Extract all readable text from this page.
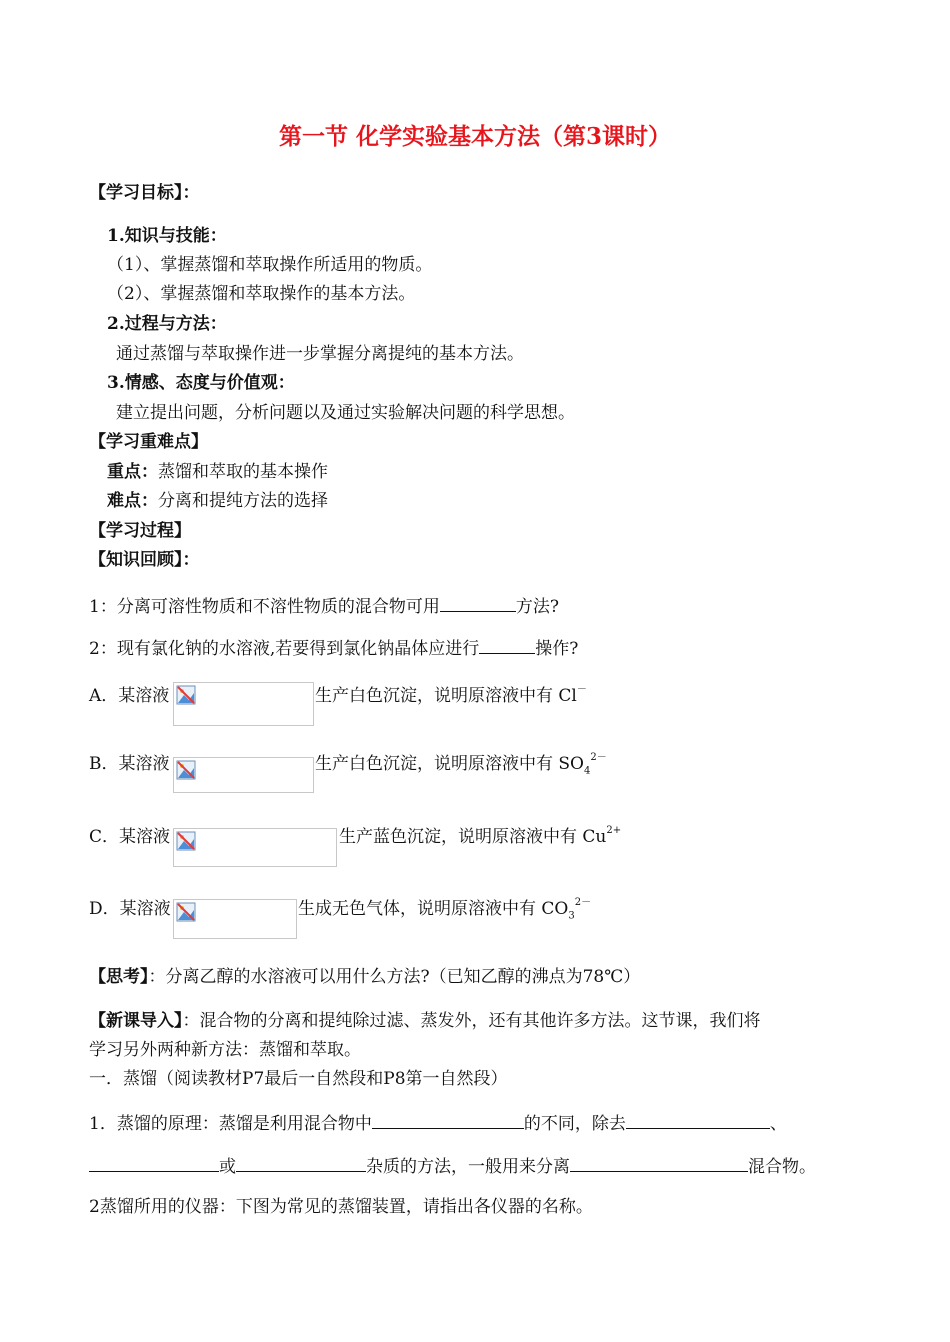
第一节 化学实验基本方法（第3课时）
【学习目标】：
1.知识与技能：
（1）、掌握蒸馏和萃取操作所适用的物质。
（2）、掌握蒸馏和萃取操作的基本方法。
2.过程与方法：
通过蒸馏与萃取操作进一步掌握分离提纯的基本方法。
3.情感、态度与价值观：
建立提出问题，分析问题以及通过实验解决问题的科学思想。
【学习重难点】
重点：蒸馏和萃取的基本操作
难点：分离和提纯方法的选择
【学习过程】
【知识回顾】：
1：分离可溶性物质和不溶性物质的混合物可用	方法?
2：现有氯化钠的水溶液,若要得到氯化钠晶体应进行	操作?
A．某溶液	生产白色沉淀，说明原溶液中有 Cl－
B．某溶液	生产白色沉淀，说明原溶液中有 $SO_4^{2-}$
C．某溶液	生产蓝色沉淀，说明原溶液中有 $Cu^{2+}$
D．某溶液	生成无色气体，说明原溶液中有 $CO_3^{2-}$
【思考】：分离乙醇的水溶液可以用什么方法?（已知乙醇的沸点为78℃）
【新课导入】：混合物的分离和提纯除过滤、蒸发外，还有其他许多方法。这节课，我们将
学习另外两种新方法：蒸馏和萃取。
一．蒸馏（阅读教材P7最后一自然段和P8第一自然段）
1．蒸馏的原理：蒸馏是利用混合物中	的不同，除去	、
或	杂质的方法，一般用来分离	混合物。
2蒸馏所用的仪器：下图为常见的蒸馏装置，请指出各仪器的名称。
